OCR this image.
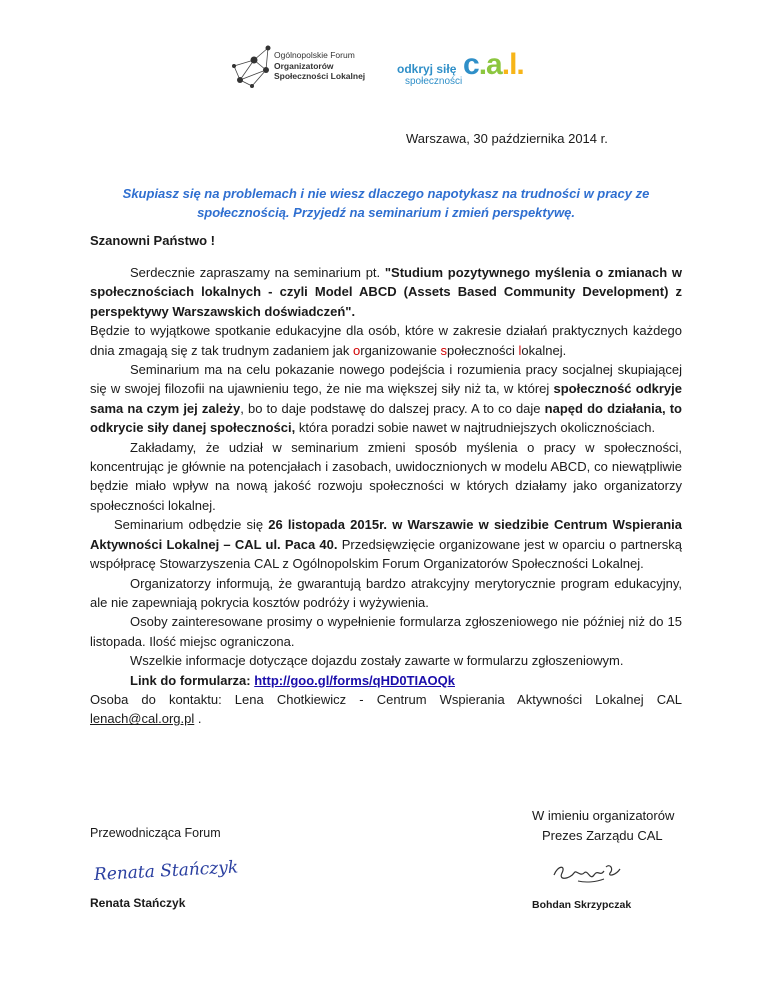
Ogólnopolskie Forum
Organizatorów
Społeczności Lokalnej	odkryj siłę
społeczności
c.a.l.
Warszawa, 30 października 2014 r.
Skupiasz się na problemach i nie wiesz dlaczego napotykasz na trudności w pracy ze społecznością. Przyjedź na seminarium i zmień perspektywę.
Szanowni Państwo !

Serdecznie zapraszamy na seminarium pt. "Studium pozytywnego myślenia o zmianach w społecznościach lokalnych - czyli Model ABCD (Assets Based Community Development) z perspektywy Warszawskich doświadczeń".

Będzie to wyjątkowe spotkanie edukacyjne dla osób, które w zakresie działań praktycznych każdego dnia zmagają się z tak trudnym zadaniem jak organizowanie społeczności lokalnej.

Seminarium ma na celu pokazanie nowego podejścia i rozumienia pracy socjalnej skupiającej się w swojej filozofii na ujawnieniu tego, że nie ma większej siły niż ta, w której społeczność odkryje sama na czym jej zależy, bo to daje podstawę do dalszej pracy. A to co daje napęd do działania, to odkrycie siły danej społeczności, która poradzi sobie nawet w najtrudniejszych okolicznościach.

Zakładamy, że udział w seminarium zmieni sposób myślenia o pracy w społeczności, koncentrując je głównie na potencjałach i zasobach, uwidocznionych w modelu ABCD, co niewątpliwie będzie miało wpływ na nową jakość rozwoju społeczności w których działamy jako organizatorzy społeczności lokalnej.

Seminarium odbędzie się 26 listopada 2015r. w Warszawie w siedzibie Centrum Wspierania Aktywności Lokalnej – CAL ul. Paca 40. Przedsięwzięcie organizowane jest w oparciu o partnerską współpracę Stowarzyszenia CAL z Ogólnopolskim Forum Organizatorów Społeczności Lokalnej.

Organizatorzy informują, że gwarantują bardzo atrakcyjny merytorycznie program edukacyjny, ale nie zapewniają pokrycia kosztów podróży i wyżywienia.

Osoby zainteresowane prosimy o wypełnienie formularza zgłoszeniowego nie później niż do 15 listopada. Ilość miejsc ograniczona.

Wszelkie informacje dotyczące dojazdu zostały zawarte w formularzu zgłoszeniowym.

Link do formularza: http://goo.gl/forms/qHD0TIAOQk

Osoba do kontaktu: Lena Chotkiewicz - Centrum Wspierania Aktywności Lokalnej CAL lenach@cal.org.pl .

Przewodnicząca Forum
W imieniu organizatorów
Prezes Zarządu CAL
Renata Stańczyk
Renata Stańczyk	Bohdan Skrzypczak
